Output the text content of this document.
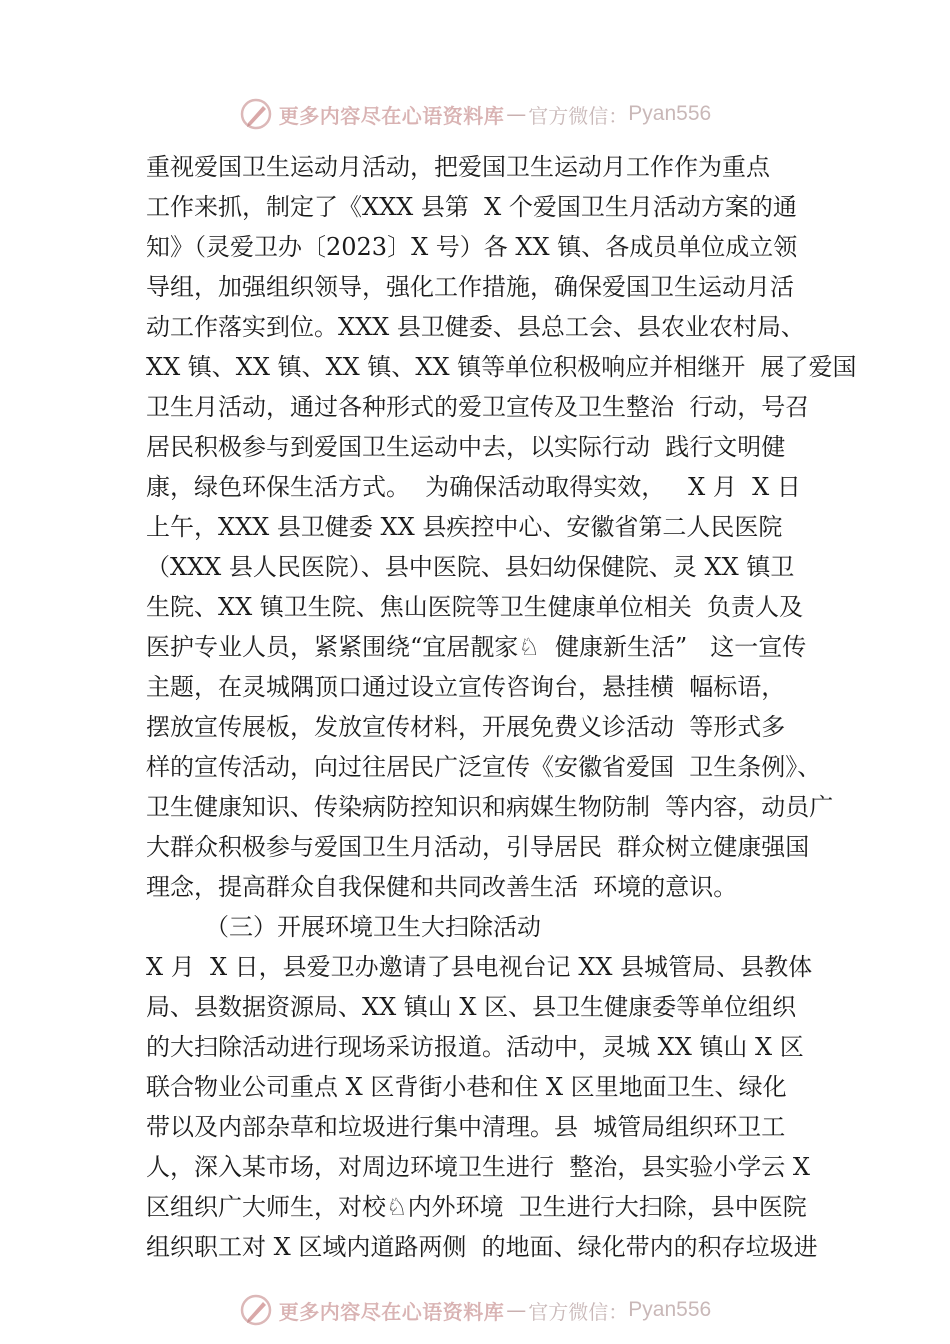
更多内容尽在心语资料库 — 官方微信： Pyan556
重视爱国卫生运动月活动，把爱国卫生运动月工作作为重点
工作来抓，制定了《XXX 县第  X 个爱国卫生月活动方案的通
知》（灵爱卫办〔2023〕X 号）各 XX 镇、各成员单位成立领
导组，加强组织领导，强化工作措施，确保爱国卫生运动月活
动工作落实到位。XXX 县卫健委、县总工会、县农业农村局、
XX 镇、XX 镇、XX 镇、XX 镇等单位积极响应并相继开  展了爱国
卫生月活动，通过各种形式的爱卫宣传及卫生整治  行动，号召
居民积极参与到爱国卫生运动中去，以实际行动  践行文明健
康，绿色环保生活方式。  为确保活动取得实效，   X 月  X 日
上午，XXX 县卫健委 XX 县疾控中心、安徽省第二人民医院
（XXX 县人民医院）、县中医院、县妇幼保健院、灵 XX 镇卫
生院、XX 镇卫生院、焦山医院等卫生健康单位相关  负责人及
医护专业人员，紧紧围绕“宜居靓家♘  健康新生活”   这一宣传
主题，在灵城隅顶口通过设立宣传咨询台，悬挂横  幅标语，
摆放宣传展板，发放宣传材料，开展免费义诊活动  等形式多
样的宣传活动，向过往居民广泛宣传《安徽省爱国  卫生条例》、
卫生健康知识、传染病防控知识和病媒生物防制  等内容，动员广
大群众积极参与爱国卫生月活动，引导居民  群众树立健康强国
理念，提高群众自我保健和共同改善生活  环境的意识。
（三）开展环境卫生大扫除活动
X 月  X 日，县爱卫办邀请了县电视台记 XX 县城管局、县教体
局、县数据资源局、XX 镇山 X 区、县卫生健康委等单位组织
的大扫除活动进行现场采访报道。活动中，灵城 XX 镇山 X 区
联合物业公司重点 X 区背街小巷和住 X 区里地面卫生、绿化
带以及内部杂草和垃圾进行集中清理。县  城管局组织环卫工
人，深入某市场，对周边环境卫生进行  整治，县实验小学云 X
区组织广大师生，对校♘内外环境  卫生进行大扫除，县中医院
组织职工对 X 区域内道路两侧  的地面、绿化带内的积存垃圾进
更多内容尽在心语资料库 — 官方微信： Pyan556
